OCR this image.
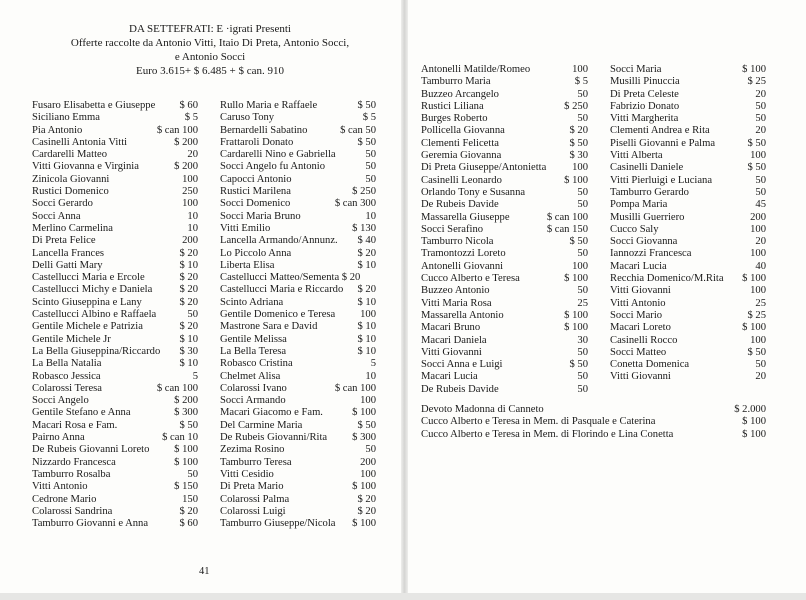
DA SETTEFRATI: E ·igrati Presenti
Offerte raccolte da Antonio Vitti, Itaio Di Preta, Antonio Socci,
e Antonio Socci
Euro 3.615+ $ 6.485 + $ can. 910
Fusaro Elisabetta e Giuseppe $ 60
Siciliano Emma	$ 5
Pia Antonio	$ can 100
Casinelli Antonia Vitti	$ 200
Cardarelli Matteo	20
Vitti Giovanna e Virginia	$ 200
Zinicola Giovanni	100
Rustici Domenico	250
Socci Gerardo	100
Socci Anna	10
Merlino Carmelina	10
Di Preta Felice	200
Lancella Frances	$ 20
Delli Gatti Mary	$ 10
Castellucci Maria e Ercole	$ 20
Castellucci Michy e Daniela	$ 20
Scinto Giuseppina e Lany	$ 20
Castellucci Albino e Raffaela	50
Gentile Michele e Patrizia	$ 20
Gentile Michele Jr	$ 10
La Bella Giuseppina/Riccardo $ 30
La Bella Natalia	$ 10
Robasco Jessica	5
Colarossi Teresa	$ can 100
Socci Angelo	$ 200
Gentile Stefano e Anna	$ 300
Macari Rosa e Fam.	$ 50
Pairno Anna	$ can 10
De Rubeis Giovanni Loreto $ 100
Nizzardo Francesca	$ 100
Tamburro Rosalba	50
Vitti Antonio	$ 150
Cedrone Mario	150
Colarossi Sandrina	$ 20
Tamburro Giovanni e Anna	$ 60
Rullo Maria e Raffaele	$ 50
Caruso Tony	$ 5
Bernardelli Sabatino	$ can 50
Frattaroli Donato	$ 50
Cardarelli Nino e Gabriella	50
Socci Angelo fu Antonio	50
Capocci Antonio	50
Rustici Marilena	$ 250
Socci Domenico	$ can 300
Socci Maria Bruno	10
Vitti Emilio	$ 130
Lancella Armando/Annunz. $ 40
Lo Piccolo Anna	$ 20
Liberta Elisa	$ 10
Castellucci Matteo/Sementa $ 20
Castellucci Maria e Riccardo $ 20
Scinto Adriana	$ 10
Gentile Domenico e Teresa 100
Mastrone Sara e David	$ 10
Gentile Melissa	$ 10
La Bella Teresa	$ 10
Robasco Cristina	5
Chelmet Alisa	10
Colarossi Ivano	$ can 100
Socci Armando	100
Macari Giacomo e Fam.	$ 100
Del Carmine Maria	$ 50
De Rubeis Giovanni/Rita $ 300
Zezima Rosino	50
Tamburro Teresa	200
Vitti Cesidio	100
Di Preta Mario	$ 100
Colarossi Palma	$ 20
Colarossi Luigi	$ 20
Tamburro Giuseppe/Nicola $ 100
Antonelli Matilde/Romeo	100
Tamburro Maria	$ 5
Buzzeo Arcangelo	50
Rustici Liliana	$ 250
Burges Roberto	50
Pollicella Giovanna	$ 20
Clementi Felicetta	$ 50
Geremia Giovanna	$ 30
Di Preta Giuseppe/Antonietta 100
Casinelli Leonardo	$ 100
Orlando Tony e Susanna	50
De Rubeis Davide	50
Massarella Giuseppe	$ can 100
Socci Serafino	$ can 150
Tamburro Nicola	$ 50
Tramontozzi Loreto	50
Antonelli Giovanni	100
Cucco Alberto e Teresa	$ 100
Buzzeo Antonio	50
Vitti Maria Rosa	25
Massarella Antonio	$ 100
Macari Bruno	$ 100
Macari Daniela	30
Vitti Giovanni	50
Socci Anna e Luigi	$ 50
Macari Lucia	50
De Rubeis Davide	50
Socci Maria	$ 100
Musilli Pinuccia	$ 25
Di Preta Celeste	20
Fabrizio Donato	50
Vitti Margherita	50
Clementi Andrea e Rita	20
Piselli Giovanni e Palma	$ 50
Vitti Alberta	100
Casinelli Daniele	$ 50
Vitti Pierluigi e Luciana	50
Tamburro Gerardo	50
Pompa Maria	45
Musilli Guerriero	200
Cucco Saly	100
Socci Giovanna	20
Iannozzi Francesca	100
Macari Lucia	40
Recchia Domenico/M.Rita $ 100
Vitti Giovanni	100
Vitti Antonio	25
Socci Mario	$ 25
Macari Loreto	$ 100
Casinelli Rocco	100
Socci Matteo	$ 50
Conetta Domenica	50
Vitti Giovanni	20
Devoto Madonna di Canneto	$ 2.000
Cucco Alberto e Teresa in Mem. di Pasquale e Caterina	$ 100
Cucco Alberto e Teresa in Mem. di Florindo e Lina Conetta	$ 100
41
